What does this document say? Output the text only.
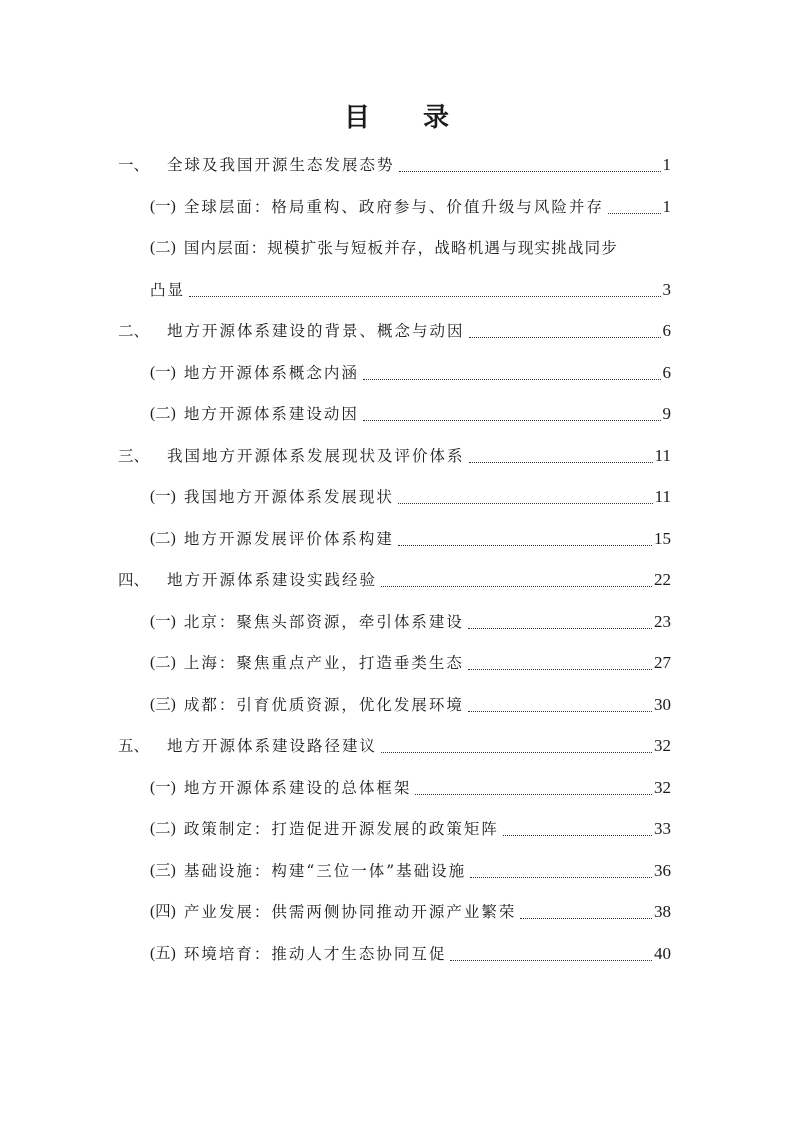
目 录
一、	全球及我国开源生态发展态势	1
(一) 全球层面：格局重构、政府参与、价值升级与风险并存	1
(二) 国内层面：规模扩张与短板并存，战略机遇与现实挑战同步
凸显	3
二、	地方开源体系建设的背景、概念与动因	6
(一) 地方开源体系概念内涵	6
(二) 地方开源体系建设动因	9
三、	我国地方开源体系发展现状及评价体系	11
(一) 我国地方开源体系发展现状	11
(二) 地方开源发展评价体系构建	15
四、	地方开源体系建设实践经验	22
(一) 北京：聚焦头部资源，牵引体系建设	23
(二) 上海：聚焦重点产业，打造垂类生态	27
(三) 成都：引育优质资源，优化发展环境	30
五、	地方开源体系建设路径建议	32
(一) 地方开源体系建设的总体框架	32
(二) 政策制定：打造促进开源发展的政策矩阵	33
(三) 基础设施：构建“三位一体”基础设施	36
(四) 产业发展：供需两侧协同推动开源产业繁荣	38
(五) 环境培育：推动人才生态协同互促	40
